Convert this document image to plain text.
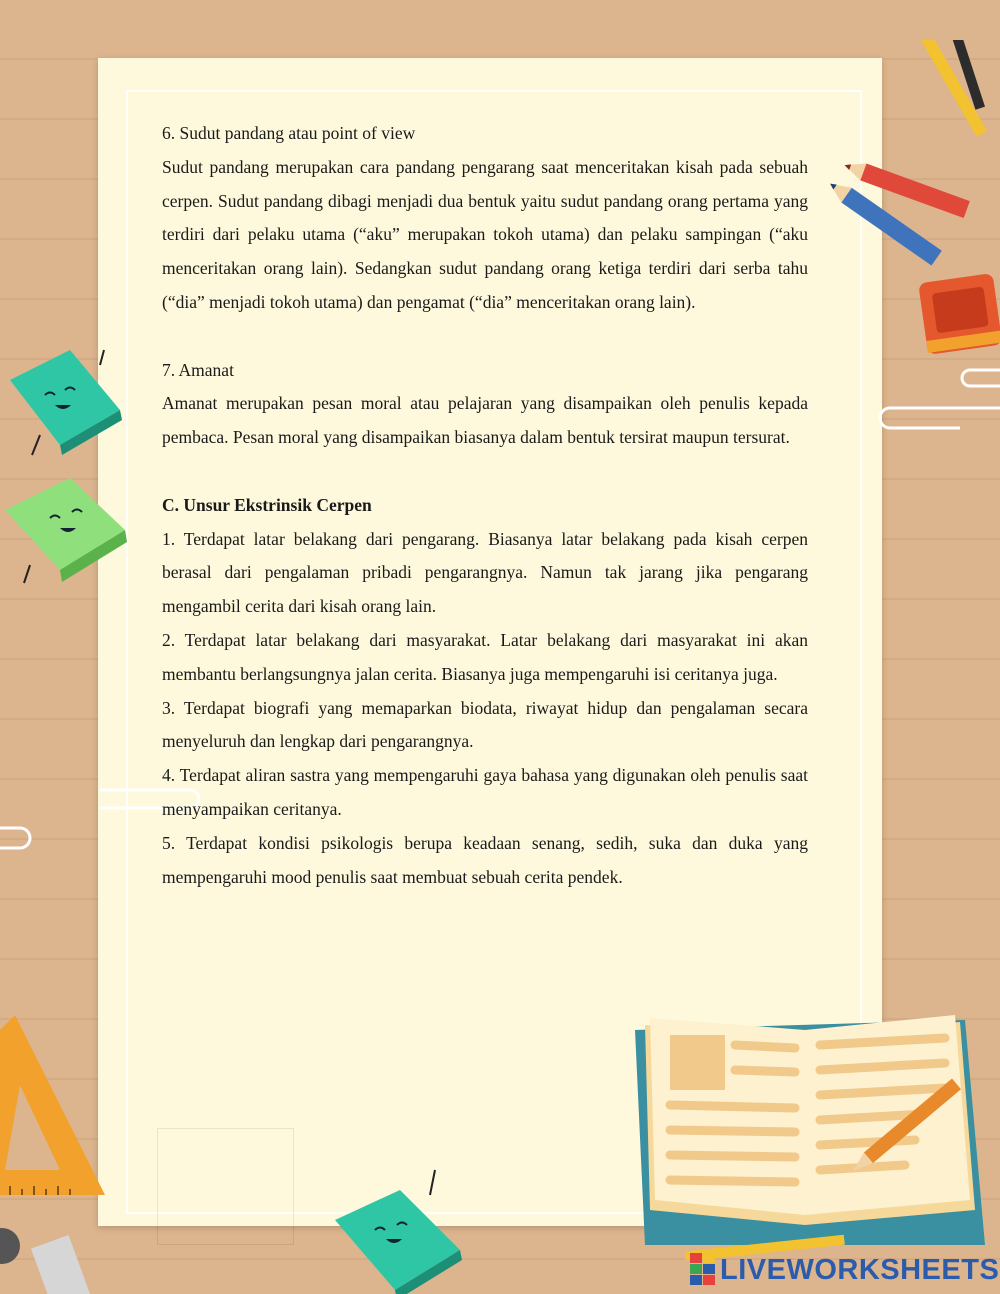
6. Sudut pandang atau point of view

Sudut pandang merupakan cara pandang pengarang saat menceritakan kisah pada sebuah cerpen. Sudut pandang dibagi menjadi dua bentuk yaitu sudut pandang orang pertama yang terdiri dari pelaku utama (“aku” merupakan tokoh utama) dan pelaku sampingan (“aku menceritakan orang lain). Sedangkan sudut pandang orang ketiga terdiri dari serba tahu (“dia” menjadi tokoh utama) dan pengamat (“dia” menceritakan orang lain).

7. Amanat

Amanat merupakan pesan moral atau pelajaran yang disampaikan oleh penulis kepada pembaca. Pesan moral yang disampaikan biasanya dalam bentuk tersirat maupun tersurat.

C. Unsur Ekstrinsik Cerpen

1. Terdapat latar belakang dari pengarang. Biasanya latar belakang pada kisah cerpen berasal dari pengalaman pribadi pengarangnya. Namun tak jarang jika pengarang mengambil cerita dari kisah orang lain.

2. Terdapat latar belakang dari masyarakat. Latar belakang dari masyarakat ini akan membantu berlangsungnya jalan cerita. Biasanya juga mempengaruhi isi ceritanya juga.

3. Terdapat biografi yang memaparkan biodata, riwayat hidup dan pengalaman secara menyeluruh dan lengkap dari pengarangnya.

4. Terdapat aliran sastra yang mempengaruhi gaya bahasa yang digunakan oleh penulis saat menyampaikan ceritanya.

5. Terdapat kondisi psikologis berupa keadaan senang, sedih, suka dan duka yang mempengaruhi mood penulis saat membuat sebuah cerita pendek.

LIVEWORKSHEETS
